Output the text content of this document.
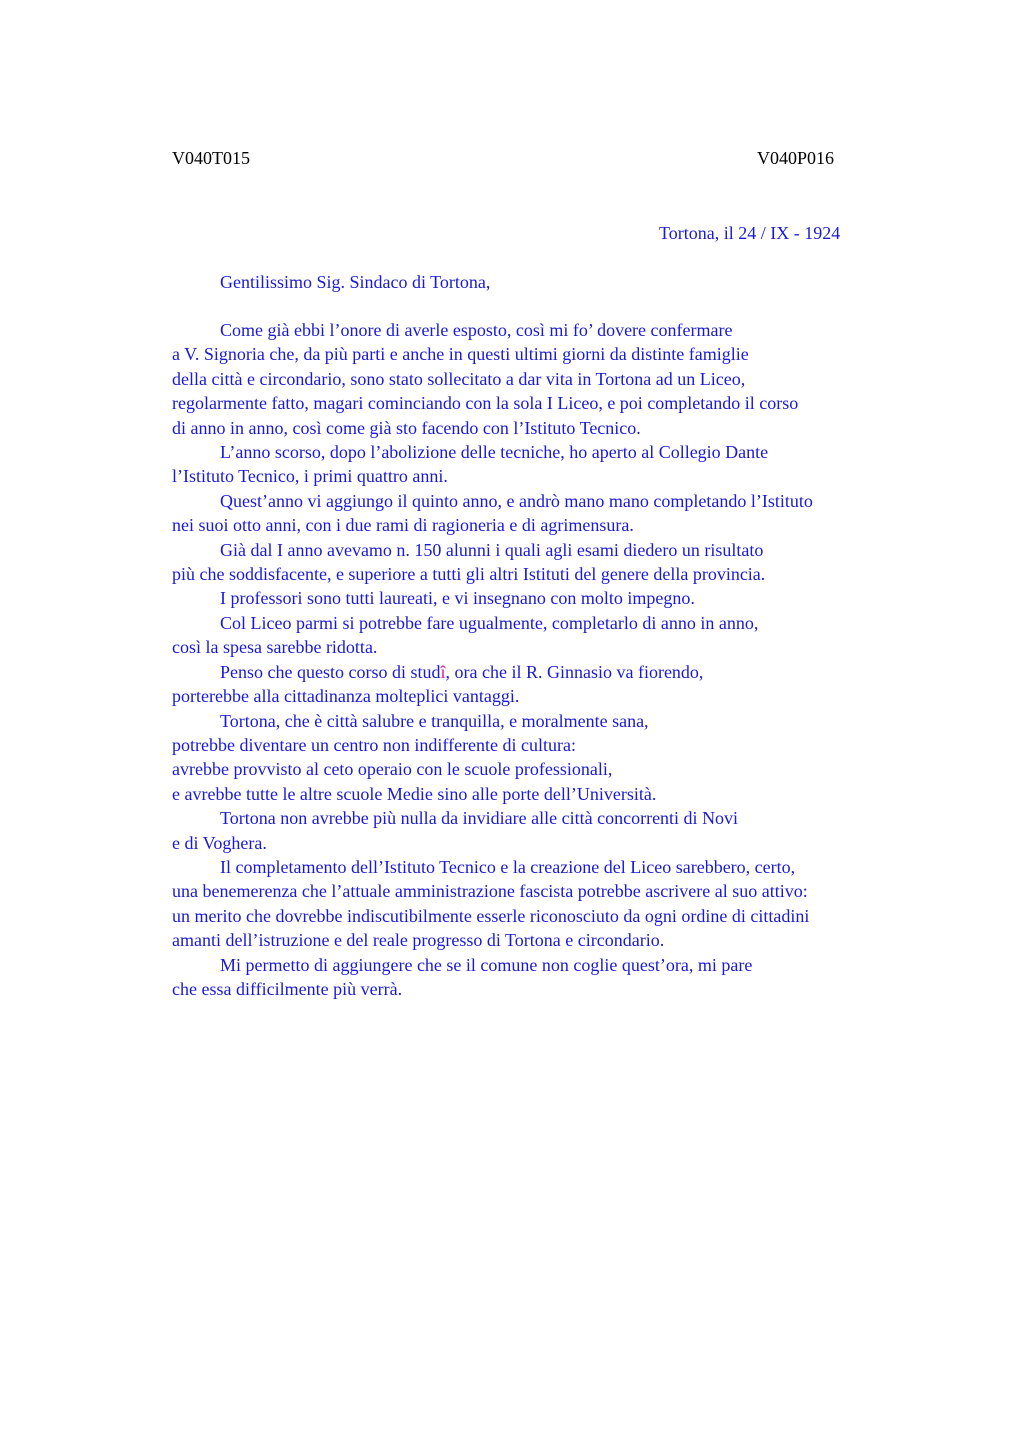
V040T015	V040P016
Tortona, il 24 / IX - 1924
Gentilissimo Sig. Sindaco di Tortona,
Come già ebbi l’onore di averle esposto, così mi fo’ dovere confermare
a V. Signoria che, da più parti e anche in questi ultimi giorni da distinte famiglie
della città e circondario, sono stato sollecitato a dar vita in Tortona ad un Liceo,
regolarmente fatto, magari cominciando con la sola I Liceo, e poi completando il corso
di anno in anno, così come già sto facendo con l’Istituto Tecnico.
L’anno scorso, dopo l’abolizione delle tecniche, ho aperto al Collegio Dante
l’Istituto Tecnico, i primi quattro anni.
Quest’anno vi aggiungo il quinto anno, e andrò mano mano completando l’Istituto
nei suoi otto anni, con i due rami di ragioneria e di agrimensura.
Già dal I anno avevamo n. 150 alunni i quali agli esami diedero un risultato
più che soddisfacente, e superiore a tutti gli altri Istituti del genere della provincia.
I professori sono tutti laureati, e vi insegnano con molto impegno.
Col Liceo parmi si potrebbe fare ugualmente, completarlo di anno in anno,
così la spesa sarebbe ridotta.
Penso che questo corso di studî, ora che il R. Ginnasio va fiorendo,
porterebbe alla cittadinanza molteplici vantaggi.
Tortona, che è città salubre e tranquilla, e moralmente sana,
potrebbe diventare un centro non indifferente di cultura:
avrebbe provvisto al ceto operaio con le scuole professionali,
e avrebbe tutte le altre scuole Medie sino alle porte dell’Università.
Tortona non avrebbe più nulla da invidiare alle città concorrenti di Novi
e di Voghera.
Il completamento dell’Istituto Tecnico e la creazione del Liceo sarebbero, certo,
una benemerenza che l’attuale amministrazione fascista potrebbe ascrivere al suo attivo:
un merito che dovrebbe indiscutibilmente esserle riconosciuto da ogni ordine di cittadini
amanti dell’istruzione e del reale progresso di Tortona e circondario.
Mi permetto di aggiungere che se il comune non coglie quest’ora, mi pare
che essa difficilmente più verrà.
